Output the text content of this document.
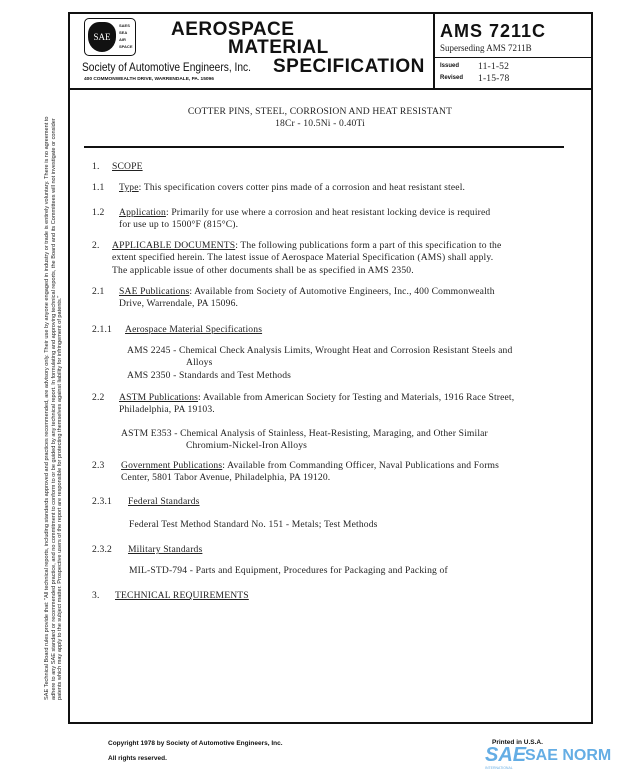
SAE
SAES
SEA
AIR
SPACE
AEROSPACE
MATERIAL
SPECIFICATION
Society of Automotive Engineers, Inc.
400 COMMONWEALTH DRIVE, WARRENDALE, PA. 15096
AMS 7211C
Superseding AMS 7211B
Issued 11-1-52
Revised 1-15-78
COTTER PINS, STEEL, CORROSION AND HEAT RESISTANT
18Cr - 10.5Ni - 0.40Ti
1. SCOPE
1.1 Type: This specification covers cotter pins made of a corrosion and heat resistant steel.
1.2 Application: Primarily for use where a corrosion and heat resistant locking device is required
for use up to 1500°F (815°C).
2. APPLICABLE DOCUMENTS: The following publications form a part of this specification to the
extent specified herein. The latest issue of Aerospace Material Specification (AMS) shall apply.
The applicable issue of other documents shall be as specified in AMS 2350.
2.1 SAE Publications: Available from Society of Automotive Engineers, Inc., 400 Commonwealth
Drive, Warrendale, PA 15096.
2.1.1 Aerospace Material Specifications
AMS 2245 - Chemical Check Analysis Limits, Wrought Heat and Corrosion Resistant Steels and
Alloys
AMS 2350 - Standards and Test Methods
2.2 ASTM Publications: Available from American Society for Testing and Materials, 1916 Race Street,
Philadelphia, PA 19103.
ASTM E353 - Chemical Analysis of Stainless, Heat-Resisting, Maraging, and Other Similar
Chromium-Nickel-Iron Alloys
2.3 Government Publications: Available from Commanding Officer, Naval Publications and Forms
Center, 5801 Tabor Avenue, Philadelphia, PA 19120.
2.3.1 Federal Standards
Federal Test Method Standard No. 151 - Metals; Test Methods
2.3.2 Military Standards
MIL-STD-794 - Parts and Equipment, Procedures for Packaging and Packing of
3. TECHNICAL REQUIREMENTS
SAE Technical Board rules provide that: "All technical reports, including standards approved and practices recommended, are advisory only. Their use by anyone engaged in industry or trade is entirely voluntary. There is no agreement to adhere to any SAE standard or recommended practice, and no commitment to conform to or be guided by any technical report. In formulating and approving technical reports, the Board and its Committees will not investigate or consider patents which may apply to the subject matter. Prospective users of the report are responsible for protecting themselves against liability for infringement of patents."
Copyright 1978 by Society of Automotive Engineers, Inc.
All rights reserved.
Printed in U.S.A.
SAE
SAE NORM
INTERNATIONAL
